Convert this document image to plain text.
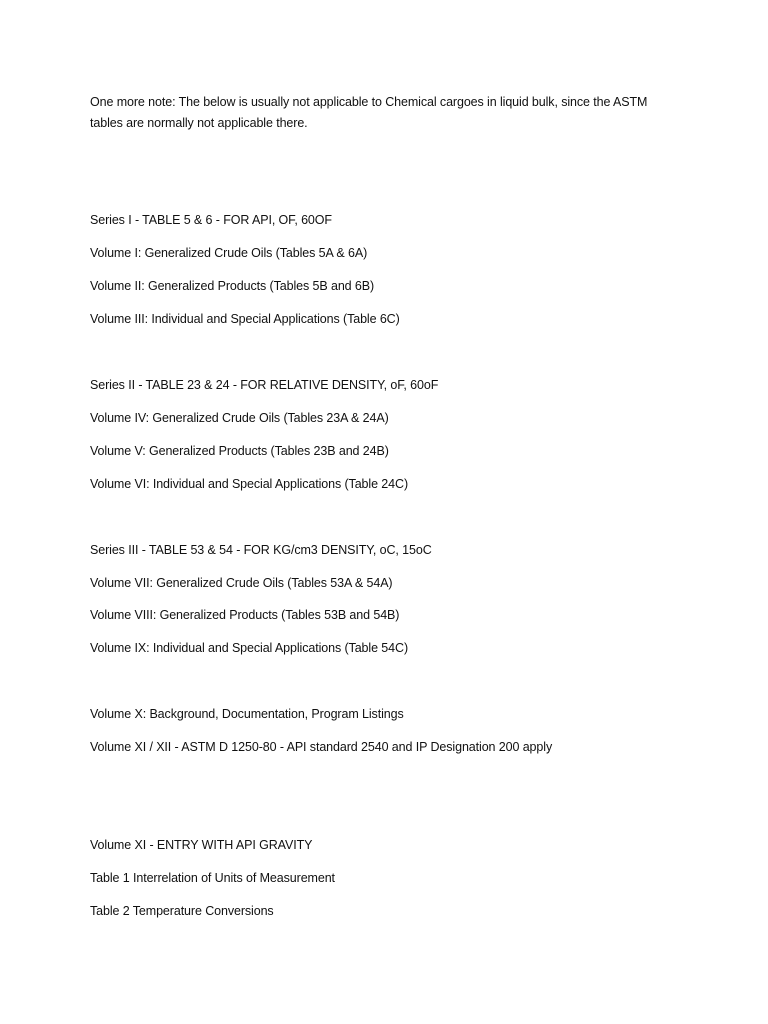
One more note: The below is usually not applicable to Chemical cargoes in liquid bulk, since the ASTM tables are normally not applicable there.
Series I - TABLE 5 & 6 - FOR API, OF, 60OF
Volume I: Generalized Crude Oils (Tables 5A & 6A)
Volume II: Generalized Products (Tables 5B and 6B)
Volume III: Individual and Special Applications (Table 6C)
Series II - TABLE 23 & 24 - FOR RELATIVE DENSITY, oF, 60oF
Volume IV: Generalized Crude Oils (Tables 23A & 24A)
Volume V: Generalized Products (Tables 23B and 24B)
Volume VI: Individual and Special Applications (Table 24C)
Series III - TABLE 53 & 54 - FOR KG/cm3 DENSITY, oC, 15oC
Volume VII: Generalized Crude Oils (Tables 53A & 54A)
Volume VIII: Generalized Products (Tables 53B and 54B)
Volume IX: Individual and Special Applications (Table 54C)
Volume X: Background, Documentation, Program Listings
Volume XI / XII - ASTM D 1250-80 - API standard 2540 and IP Designation 200 apply
Volume XI - ENTRY WITH API GRAVITY
Table 1 Interrelation of Units of Measurement
Table 2 Temperature Conversions
